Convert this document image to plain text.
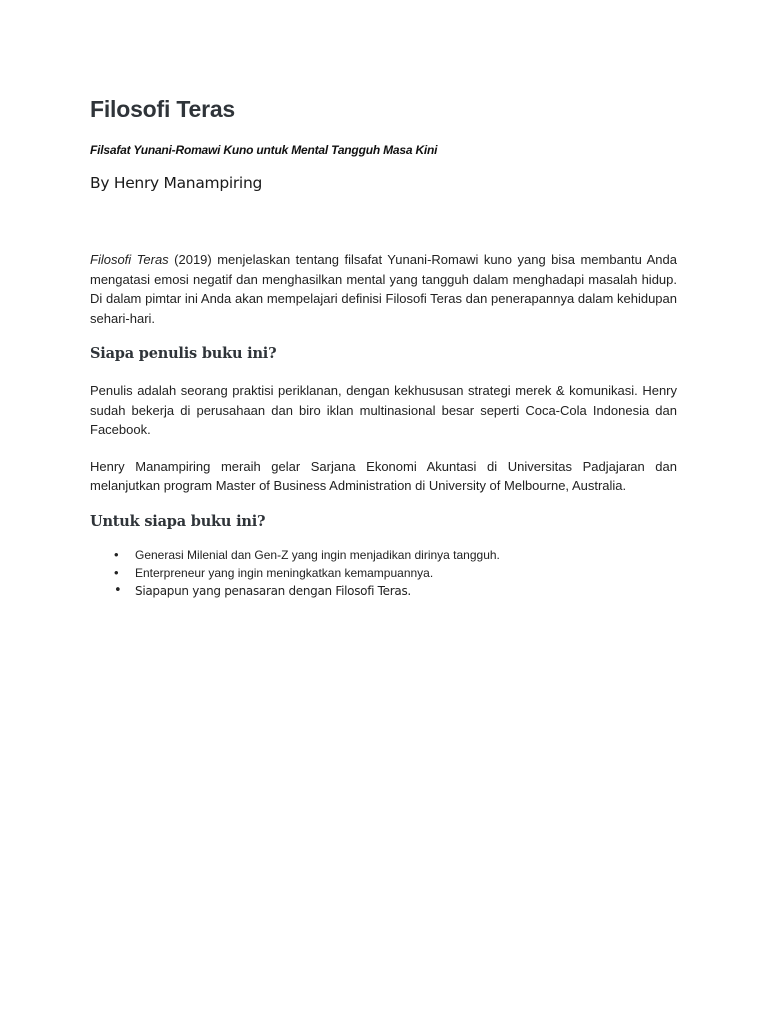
Filosofi Teras

Filsafat Yunani-Romawi Kuno untuk Mental Tangguh Masa Kini

By Henry Manampiring

Filosofi Teras (2019) menjelaskan tentang filsafat Yunani-Romawi kuno yang bisa membantu Anda mengatasi emosi negatif dan menghasilkan mental yang tangguh dalam menghadapi masalah hidup. Di dalam pimtar ini Anda akan mempelajari definisi Filosofi Teras dan penerapannya dalam kehidupan sehari-hari.

Siapa penulis buku ini?

Penulis adalah seorang praktisi periklanan, dengan kekhususan strategi merek & komunikasi. Henry sudah bekerja di perusahaan dan biro iklan multinasional besar seperti Coca-Cola Indonesia dan Facebook.

Henry Manampiring meraih gelar Sarjana Ekonomi Akuntasi di Universitas Padjajaran dan melanjutkan program Master of Business Administration di University of Melbourne, Australia.

Untuk siapa buku ini?
• Generasi Milenial dan Gen-Z yang ingin menjadikan dirinya tangguh.
• Enterpreneur yang ingin meningkatkan kemampuannya.
• Siapapun yang penasaran dengan Filosofi Teras.
